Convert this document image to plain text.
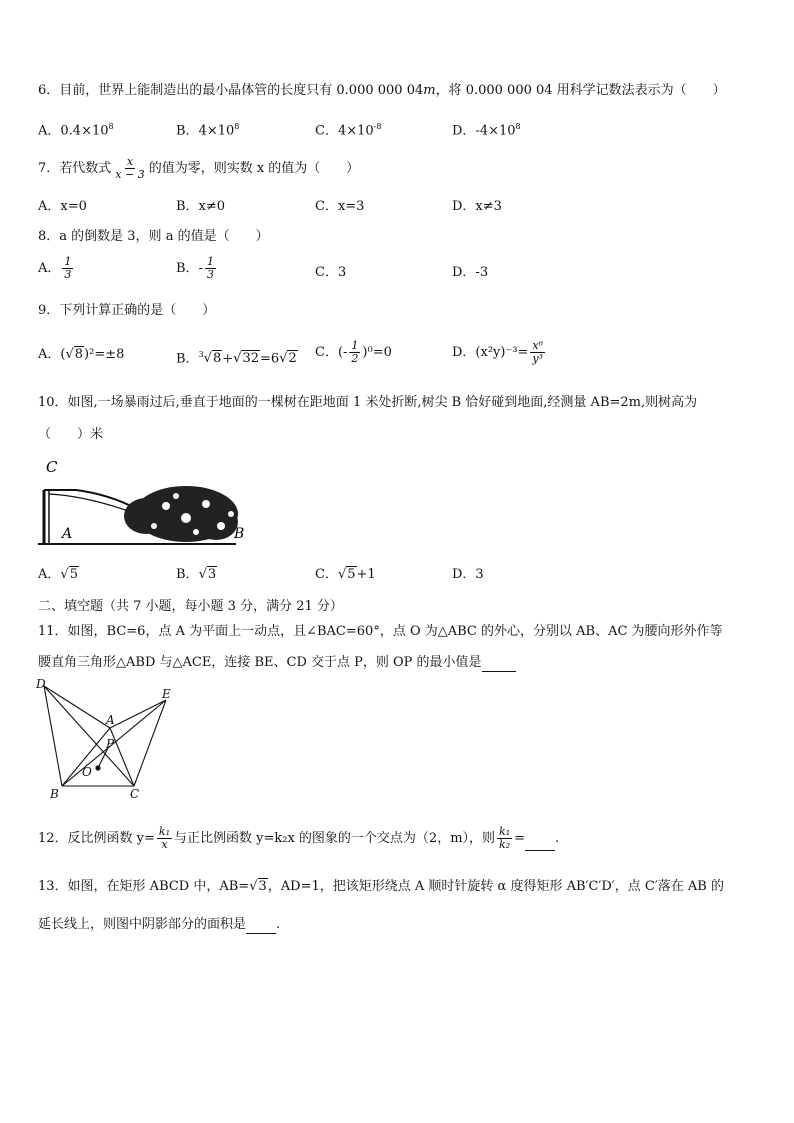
6．目前，世界上能制造出的最小晶体管的长度只有 0.000 000 04m，将 0.000 000 04 用科学记数法表示为（　　）
A．$0.4\times 10^8$	B．$4\times 10^8$	C．$4\times 10^{-8}$	D．$-4\times 10^8$
7．若代数式 $\frac{x}{x - 3}$ 的值为零，则实数 x 的值为（　　）
A．x=0	B．x≠0	C．x=3	D．x≠3
8．a 的倒数是 3，则 a 的值是（　　）
A． $\frac{1}{3}$	B．- $\frac{1}{3}$	C．3	D．-3
9．下列计算正确的是（　　）
A．(√8)²=±8	B．$^3$√8+√32=6√2 C．(- $\frac{1}{2} )^0=0$	D．$(x^2y)^{-3}= \frac{\text{x⁶}}{\text{y³}}$
10．如图,一场暴雨过后,垂直于地面的一棵树在距地面 1 米处折断,树尖 B 恰好碰到地面,经测量 AB=2m,则树高为
（　　）米
C
A	B
A．√5	B．√3	C．√5+1	D．3
二、填空题（共 7 小题，每小题 3 分，满分 21 分）
11．如图，BC=6，点 A 为平面上一动点，且∠BAC=60°，点 O 为△ABC 的外心，分别以 AB、AC 为腰向形外作等
腰直角三角形△ABD 与△ACE，连接 BE、CD 交于点 P，则 OP 的最小值是
D
E
A
P
O
B	C
12．反比例函数 $y= \frac{\text{k₁}}{x}$ 与正比例函数 y=k₂x 的图象的一个交点为（2，m），则 $\frac{\text{k₁}}{\text{k₂}}$ = .
13．如图，在矩形 ABCD 中，AB=√3，AD=1，把该矩形绕点 A 顺时针旋转 α 度得矩形 AB′C′D′，点 C′落在 AB 的
延长线上，则图中阴影部分的面积是 .
